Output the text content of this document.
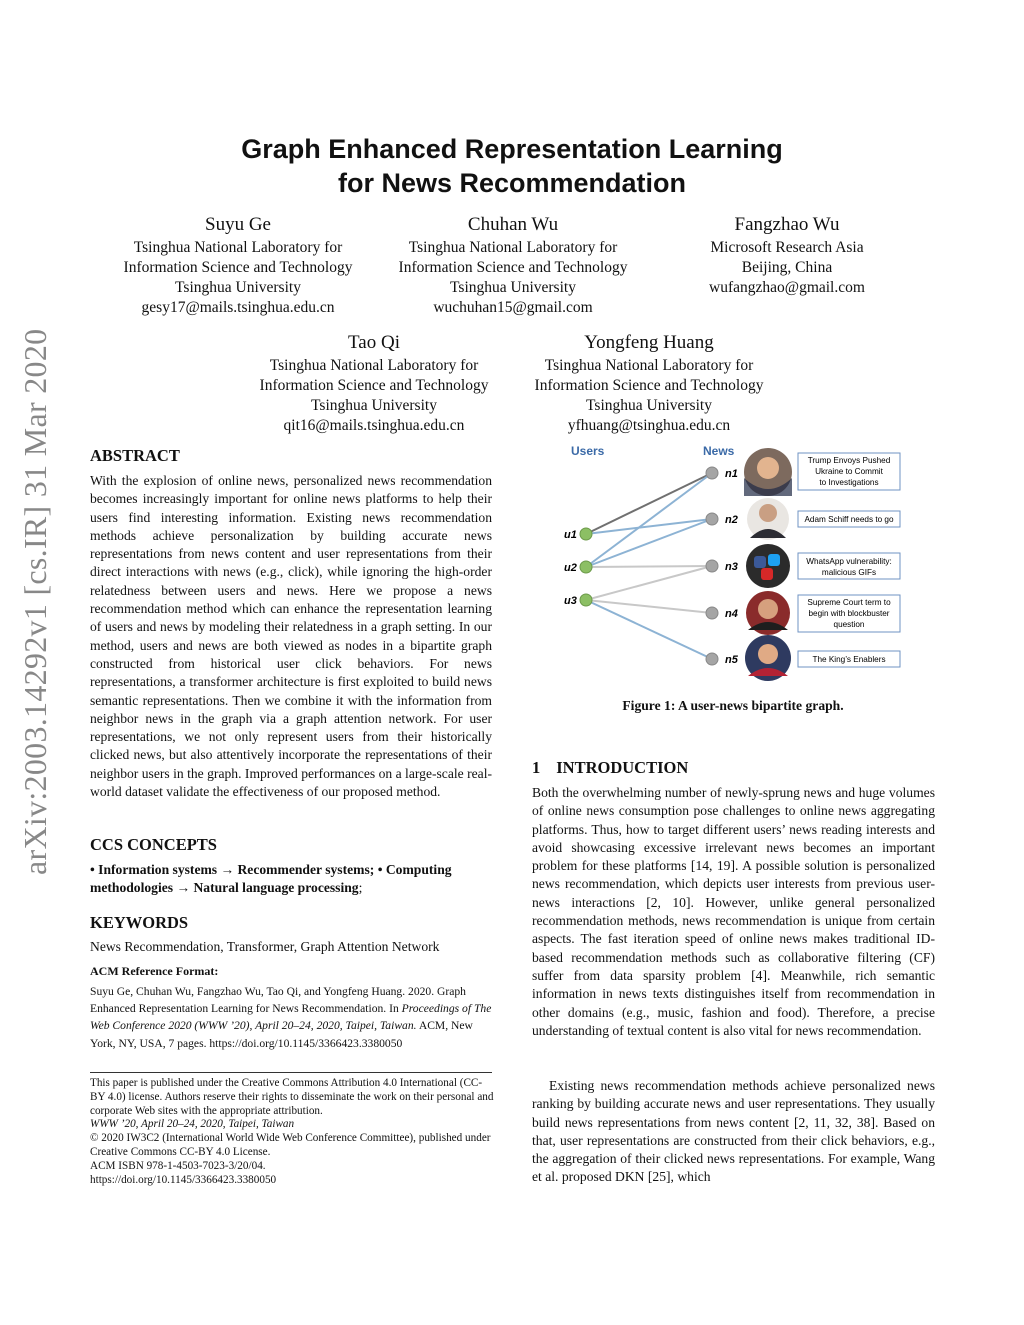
arXiv:2003.14292v1 [cs.IR] 31 Mar 2020
Graph Enhanced Representation Learning
for News Recommendation
Suyu Ge
Tsinghua National Laboratory for
Information Science and Technology
Tsinghua University
gesy17@mails.tsinghua.edu.cn
Chuhan Wu
Tsinghua National Laboratory for
Information Science and Technology
Tsinghua University
wuchuhan15@gmail.com
Fangzhao Wu
Microsoft Research Asia
Beijing, China
wufangzhao@gmail.com
Tao Qi
Tsinghua National Laboratory for
Information Science and Technology
Tsinghua University
qit16@mails.tsinghua.edu.cn
Yongfeng Huang
Tsinghua National Laboratory for
Information Science and Technology
Tsinghua University
yfhuang@tsinghua.edu.cn
ABSTRACT
With the explosion of online news, personalized news recommendation becomes increasingly important for online news platforms to help their users find interesting information. Existing news recommendation methods achieve personalization by building accurate news representations from news content and user representations from their direct interactions with news (e.g., click), while ignoring the high-order relatedness between users and news. Here we propose a news recommendation method which can enhance the representation learning of users and news by modeling their relatedness in a graph setting. In our method, users and news are both viewed as nodes in a bipartite graph constructed from historical user click behaviors. For news representations, a transformer architecture is first exploited to build news semantic representations. Then we combine it with the information from neighbor news in the graph via a graph attention network. For user representations, we not only represent users from their historically clicked news, but also attentively incorporate the representations of their neighbor users in the graph. Improved performances on a large-scale real-world dataset validate the effectiveness of our proposed method.
CCS CONCEPTS
• Information systems → Recommender systems; • Computing methodologies → Natural language processing;
KEYWORDS
News Recommendation, Transformer, Graph Attention Network
ACM Reference Format:
Suyu Ge, Chuhan Wu, Fangzhao Wu, Tao Qi, and Yongfeng Huang. 2020. Graph Enhanced Representation Learning for News Recommendation. In Proceedings of The Web Conference 2020 (WWW ’20), April 20–24, 2020, Taipei, Taiwan. ACM, New York, NY, USA, 7 pages. https://doi.org/10.1145/3366423.3380050
This paper is published under the Creative Commons Attribution 4.0 International (CC-BY 4.0) license. Authors reserve their rights to disseminate the work on their personal and corporate Web sites with the appropriate attribution.
WWW ’20, April 20–24, 2020, Taipei, Taiwan
© 2020 IW3C2 (International World Wide Web Conference Committee), published under Creative Commons CC-BY 4.0 License.
ACM ISBN 978-1-4503-7023-3/20/04.
https://doi.org/10.1145/3366423.3380050
Users	News
u1
u2
u3
n1
n2
n3
n4
n5
Trump Envoys Pushed
Ukraine to Commit
to Investigations
Adam Schiff needs to go
WhatsApp vulnerability:
malicious GIFs
Supreme Court term to
begin with blockbuster
question
The King’s Enablers
Figure 1: A user-news bipartite graph.
1 INTRODUCTION
Both the overwhelming number of newly-sprung news and huge volumes of online news consumption pose challenges to online news aggregating platforms. Thus, how to target different users’ news reading interests and avoid showcasing excessive irrelevant news becomes an important problem for these platforms [14, 19]. A possible solution is personalized news recommendation, which depicts user interests from previous user-news interactions [2, 10]. However, unlike general personalized recommendation methods, news recommendation is unique from certain aspects. The fast iteration speed of online news makes traditional ID-based recommendation methods such as collaborative filtering (CF) suffer from data sparsity problem [4]. Meanwhile, rich semantic information in news texts distinguishes itself from recommendation in other domains (e.g., music, fashion and food). Therefore, a precise understanding of textual content is also vital for news recommendation.
Existing news recommendation methods achieve personalized news ranking by building accurate news and user representations. They usually build news representations from news content [2, 11, 32, 38]. Based on that, user representations are constructed from their click behaviors, e.g., the aggregation of their clicked news representations. For example, Wang et al. proposed DKN [25], which
